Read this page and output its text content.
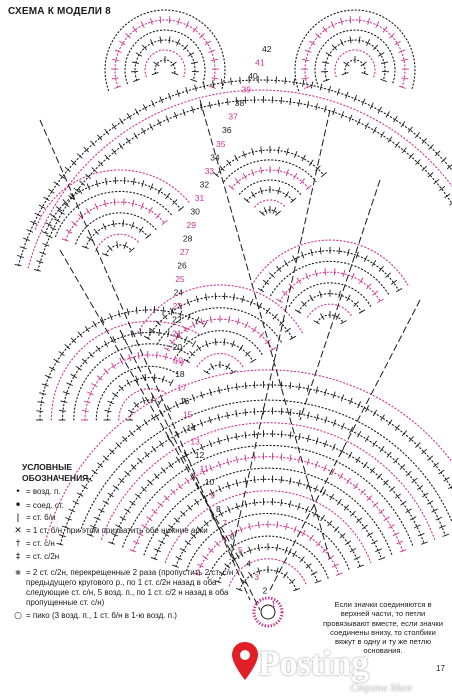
СХЕМА К МОДЕЛИ 8
42
41
40
39
38
37
36
35
34
33
32
31
30
29
28
27
26
25
24
23
22
21
20
19
18
17
16
15
14
13
12
11
10
9
8
7
6
5
4
3
2
1
УСЛОВНЫЕ
ОБОЗНАЧЕНИЯ
• = возд. п.
• = соед. ст.
ǀ = ст. б/н
✕ = 1 ст. б/н, при этом прихватить обе нижние арки
† = ст. с/н
‡ = ст. с/2н
⨳ = 2 ст. с/2н, перекрещенные 2 раза (пропустить 2 ст. с/н предыдущего кругового р., по 1 ст. с/2н назад в оба следующие ст. с/н, 5 возд. п., по 1 ст. с/2 н назад в оба пропущенные ст. с/н)
○ = пико (3 возд. п., 1 ст. б/н в 1-ю возд. п.)
Если значки соединяются в верхней части, то петли провязывают вместе, если значки соединены внизу, то столбики вяжут в одну и ту же петлю основания.
17
Posting
Страна Мам
